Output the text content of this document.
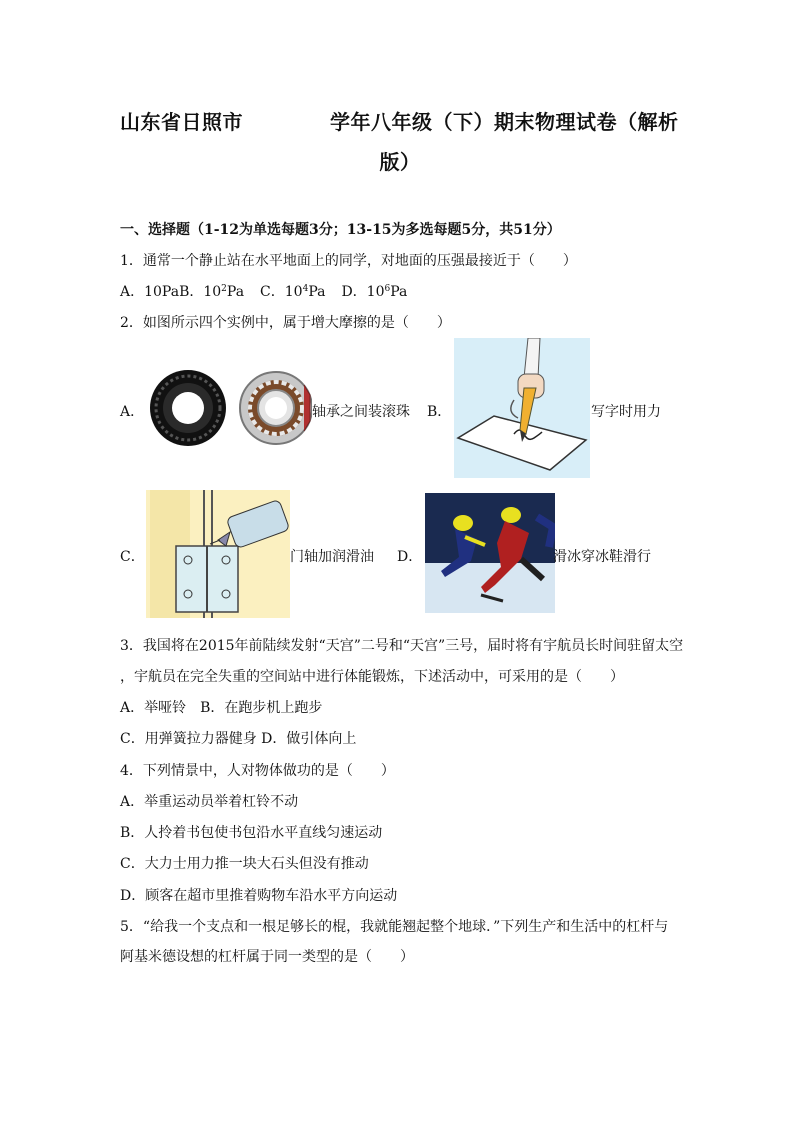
山东省日照市	学年八年级（下）期末物理试卷（解析
版）
一、选择题（1-12为单选每题3分；13-15为多选每题5分，共51分）
1．通常一个静止站在水平地面上的同学，对地面的压强最接近于（　　）
A．10PaB．$10^2Pa$ C．$10^4Pa$ D．$10^6Pa$
2．如图所示四个实例中，属于增大摩擦的是（　　）
A．	轴承之间装滚珠 B．	写字时用力
C．	门轴加润滑油 D．	滑冰穿冰鞋滑行
3．我国将在2015年前陆续发射“天宫”二号和“天宫”三号，届时将有宇航员长时间驻留太空
，宇航员在完全失重的空间站中进行体能锻炼，下述活动中，可采用的是（　　）
A．举哑铃　B．在跑步机上跑步
C．用弹簧拉力器健身 D．做引体向上
4．下列情景中，人对物体做功的是（　　）
A．举重运动员举着杠铃不动
B．人拎着书包使书包沿水平直线匀速运动
C．大力士用力推一块大石头但没有推动
D．顾客在超市里推着购物车沿水平方向运动
5．“给我一个支点和一根足够长的棍，我就能翘起整个地球．”下列生产和生活中的杠杆与
阿基米德设想的杠杆属于同一类型的是（　　）
